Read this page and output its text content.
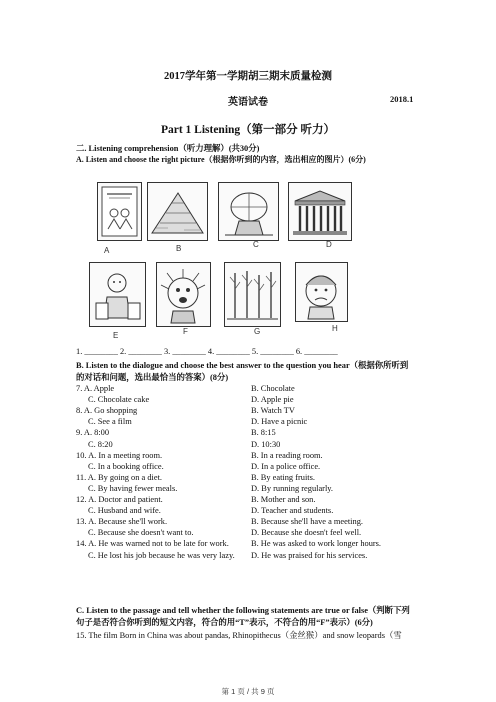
2017学年第一学期胡三期末质量检测
英语试卷	2018.1
Part 1 Listening（第一部分 听力）
二. Listening comprehension（听力理解）(共30分)
A. Listen and choose the right picture（根据你听到的内容，选出相应的图片）(6分)
A	B	C	D
E	F	G	H
1. ________ 2. ________ 3. ________ 4. ________ 5. ________ 6. ________
B. Listen to the dialogue and choose the best answer to the question you hear（根据你所听到
的对话和问题，选出最恰当的答案）(8分)
7. A. Apple	B. Chocolate
C. Chocolate cake	D. Apple pie
8. A. Go shopping	B. Watch TV
C. See a film	D. Have a picnic
9. A. 8:00	B. 8:15
C. 8:20	D. 10:30
10. A. In a meeting room.	B. In a reading room.
C. In a booking office.	D. In a police office.
11. A. By going on a diet.	B. By eating fruits.
C. By having fewer meals.	D. By running regularly.
12. A. Doctor and patient.	B. Mother and son.
C. Husband and wife.	D. Teacher and students.
13. A. Because she'll work.	B. Because she'll have a meeting.
C. Because she doesn't want to.	D. Because she doesn't feel well.
14. A. He was warned not to be late for work.	B. He was asked to work longer hours.
C. He lost his job because he was very lazy. D. He was praised for his services.
C. Listen to the passage and tell whether the following statements are true or false（判断下列
句子是否符合你听到的短文内容，符合的用“T”表示，不符合的用“F”表示）(6分)
15. The film Born in China was about pandas, Rhinopithecus（金丝猴）and snow leopards（雪
第 1 页 / 共 9 页
